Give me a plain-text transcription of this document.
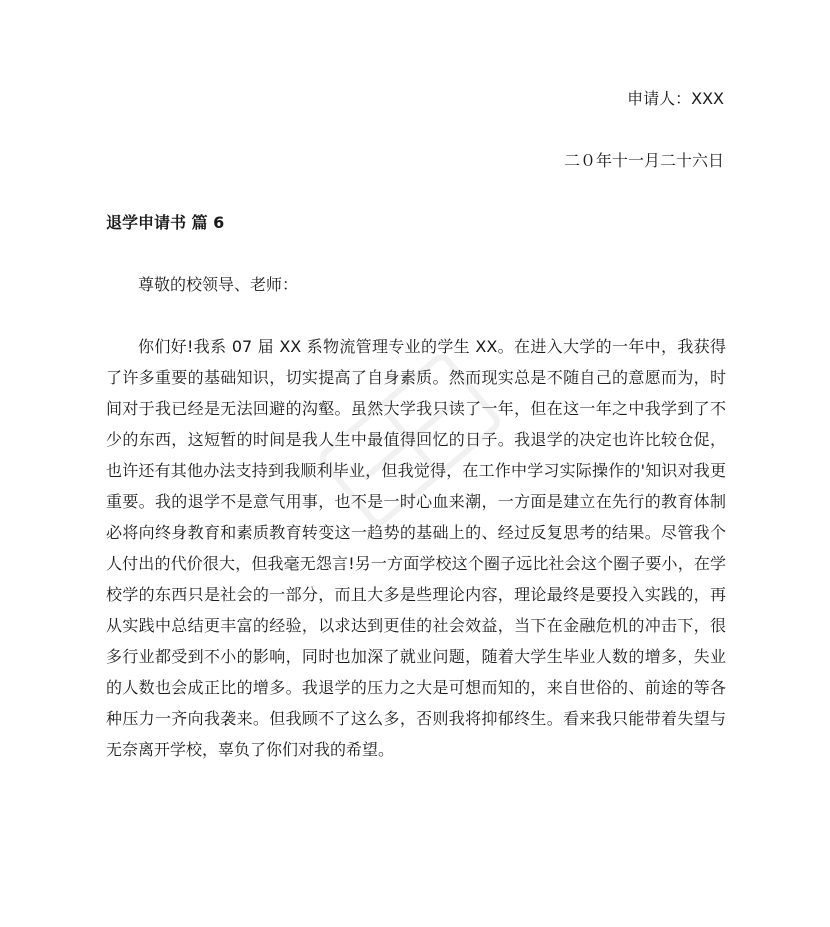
申请人：XXX
二０年十一月二十六日
退学申请书 篇 6
尊敬的校领导、老师：

你们好!我系 07 届 XX 系物流管理专业的学生 XX。在进入大学的一年中，我获得了许多重要的基础知识，切实提高了自身素质。然而现实总是不随自己的意愿而为，时间对于我已经是无法回避的沟壑。虽然大学我只读了一年，但在这一年之中我学到了不少的东西，这短暂的时间是我人生中最值得回忆的日子。我退学的决定也许比较仓促，也许还有其他办法支持到我顺利毕业，但我觉得，在工作中学习实际操作的'知识对我更重要。我的退学不是意气用事，也不是一时心血来潮，一方面是建立在先行的教育体制必将向终身教育和素质教育转变这一趋势的基础上的、经过反复思考的结果。尽管我个人付出的代价很大，但我毫无怨言!另一方面学校这个圈子远比社会这个圈子要小，在学校学的东西只是社会的一部分，而且大多是些理论内容，理论最终是要投入实践的，再从实践中总结更丰富的经验，以求达到更佳的社会效益，当下在金融危机的冲击下，很多行业都受到不小的影响，同时也加深了就业问题，随着大学生毕业人数的增多，失业的人数也会成正比的增多。我退学的压力之大是可想而知的，来自世俗的、前途的等各种压力一齐向我袭来。但我顾不了这么多，否则我将抑郁终生。看来我只能带着失望与无奈离开学校，辜负了你们对我的希望。
